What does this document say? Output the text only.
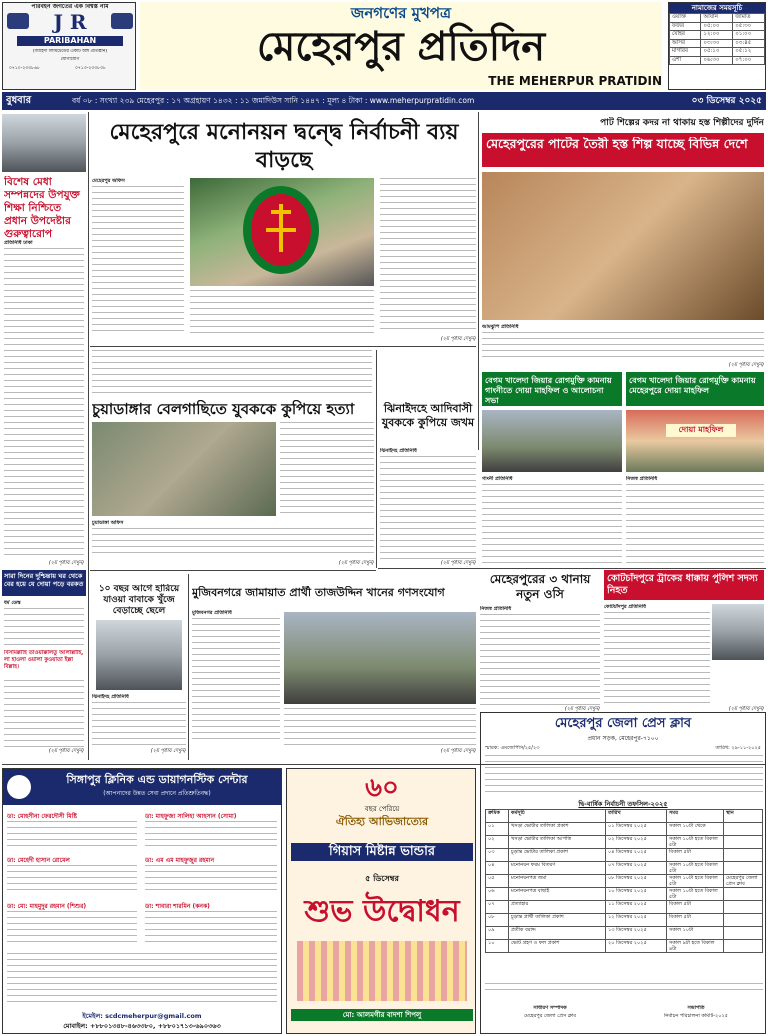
পরিবহন জগতের এক বিশ্বস্ত নাম
J R
PARIBAHAN
(জাহিদা লিমিটেডের একটি অঙ্গ প্রতিষ্ঠান)
যোগাযোগ
০৭১০-২৩৩৮৬৮	০৭১৩-২৩৩৮৩৮
জনগণের মুখপত্র
মেহেরপুর প্রতিদিন
THE MEHERPUR PRATIDIN
নামাজের সময়সূচি
ওয়াক্ত	আযান	জামাত
ফজর	০৫:০০	০৫:৩০
যোহর	১২:০০	০১:০০
আসর	০৩:৩০	০৩:৪৫
মাগরিব	০৫:১০	০৫:১২
এশা	০৬:৩০	০৭:০০
বুধবার	বর্ষ ০৮ : সংখ্যা ২৩৯ মেহেরপুর : ১৭ অগ্রহায়ণ ১৪৩২ : ১১ জমাদিউস সানি ১৪৪৭ : মূল্য ৪ টাকা : www.meherpurpratidin.com	০৩ ডিসেম্বর ২০২৫
বিশেষ মেধা সম্পন্নদের উপযুক্ত শিক্ষা নিশ্চিতে প্রধান উপদেষ্টার গুরুত্বারোপ
প্রতিনিধি ঢাকা
(২য় পৃষ্ঠায় দেখুন)
সারা দিনের দুশ্চিন্তায় ঘর থেকে বের হয়ে যে দোয়া পড়ে বরকত
ধর্ম ডেস্ক
বিসমিল্লাহি তাওয়াক্কালতু আলাল্লাহি, লা হাওলা ওয়ালা কুওয়াতা ইল্লা বিল্লাহ।
(২য় পৃষ্ঠায় দেখুন)
মেহেরপুরে মনোনয়ন দ্বন্দ্বে নির্বাচনী ব্যয় বাড়ছে
মেহেরপুর অফিস
(২য় পৃষ্ঠায় দেখুন)
পাট শিল্পের কদর না থাকায় হস্ত শিল্পীদের দুর্দিন
মেহেরপুরের পাটের তৈরী হস্ত শিল্প যাচ্ছে বিভিন্ন দেশে
আমঝুপি প্রতিনিধি
(২য় পৃষ্ঠায় দেখুন)
বেগম খালেদা জিয়ার রোগমুক্তি কামনায় গাংনীতে দোয়া মাহফিল ও আলোচনা সভা
গাংনী প্রতিনিধি
বেগম খালেদা জিয়ার রোগমুক্তি কামনায় মেহেরপুরে দোয়া মাহফিল
দোয়া মাহফিল
নিজস্ব প্রতিনিধি
চুয়াডাঙ্গার বেলগাছিতে যুবককে কুপিয়ে হত্যা
চুয়াডাঙ্গা অফিস
(২য় পৃষ্ঠায় দেখুন)
ঝিনাইদহে আদিবাসী যুবককে কুপিয়ে জখম
ঝিনাইদহ প্রতিনিধি
(২য় পৃষ্ঠায় দেখুন)
মেহেরপুরের ৩ থানায় নতুন ওসি
নিজস্ব প্রতিনিধি
(২য় পৃষ্ঠায় দেখুন)
কোটচাঁদপুরে ট্রাকের ধাক্কায় পুলিশ সদস্য নিহত
কোটচাঁদপুর প্রতিনিধি
(২য় পৃষ্ঠায় দেখুন)
১০ বছর আগে হারিয়ে যাওয়া বাবাকে খুঁজে বেড়াচ্ছে ছেলে
ঝিনাইদহ প্রতিনিধি
(২য় পৃষ্ঠায় দেখুন)
মুজিবনগরে জামায়াত প্রার্থী তাজউদ্দিন খানের গণসংযোগ
মুজিবনগর প্রতিনিধি
(২য় পৃষ্ঠায় দেখুন)
সিঙ্গাপুর ক্লিনিক এন্ড ডায়াগনস্টিক সেন্টার
(আপনাদের উন্নত সেবা প্রদানে প্রতিশ্রুতিবদ্ধ)
ডা: মোহসীনা ফেরদৌসী মিষ্টি	ডা: মাহফুজা সালিহা আহসান (সোমা)
ডা: মেহেদী হাসান রোমেল	ডা: এম এম মাহফুজুর রহমান
ডা: মো: মাহমুদুর রহমান (শিশুর)	ডা: শাবারা শারমিন (কনক)
ইমেইল: scdcmeherpur@gmail.com
মোবাইল: +৮৮০১৩৪৮-৪৬৩৩৮০, +৮৮০১৭১৩-৬৯০৩৬৩
৬০
বছর পেরিয়ে
ঐতিহ্য আভিজাত্যের
গিয়াস মিষ্টান্ন ভান্ডার
৫ ডিসেম্বর
শুভ উদ্বোধন
মো: আলমগীর বাদশা শিপলু
মেহেরপুর জেলা প্রেস ক্লাব
প্রধান সড়ক, মেহেরপুর-৭১০০
স্মারক: এমজেপিসি/২৫/২৩	তারিখ: ২৯-১১-২০২৫
দ্বি-বার্ষিক নির্বাচনী তফসিল-২০২৫
ক্রমিক	কর্মসূচি	তারিখ	সময়	স্থান
০১	খসড়া ভোটার তালিকা প্রকাশ	০১ ডিসেম্বর ২০২৫	সকাল ১০টা থেকে	
০২	খসড়া ভোটার তালিকা আপত্তি	০২ ডিসেম্বর ২০২৫	সকাল ১০টা হতে বিকাল ৫টা	
০৩	চূড়ান্ত ভোটার তালিকা প্রকাশ	০৪ ডিসেম্বর ২০২৫	বিকাল ৫টা	
০৪	মনোনয়ন ফরম বিতরণ	০৭ ডিসেম্বর ২০২৫	সকাল ১০টা হতে বিকাল ৫টা	
০৫	মনোনয়নপত্র জমা	০৮ ডিসেম্বর ২০২৫	সকাল ১০টা হতে বিকাল ৫টা	মেহেরপুর জেলা প্রেস ক্লাব
০৬	মনোনয়নপত্র বাছাই	১০ ডিসেম্বর ২০২৫	সকাল ১০টা হতে বিকাল ৫টা	
০৭	প্রত্যাহার	১১ ডিসেম্বর ২০২৫	বিকাল ৫টা	
০৮	চূড়ান্ত প্রার্থী তালিকা প্রকাশ	১২ ডিসেম্বর ২০২৫	বিকাল ৫টা	
০৯	প্রতীক বরাদ্দ	১৩ ডিসেম্বর ২০২৫	সকাল ১০টা	
১০	ভোট গ্রহণ ও ফল প্রকাশ	২০ ডিসেম্বর ২০২৫	সকাল ৯টা হতে বিকাল ৪টা	
সাধারণ সম্পাদক
মেহেরপুর জেলা প্রেস ক্লাব
সভাপতি
নির্বাচন পরিচালনা কমিটি-২০২৫
